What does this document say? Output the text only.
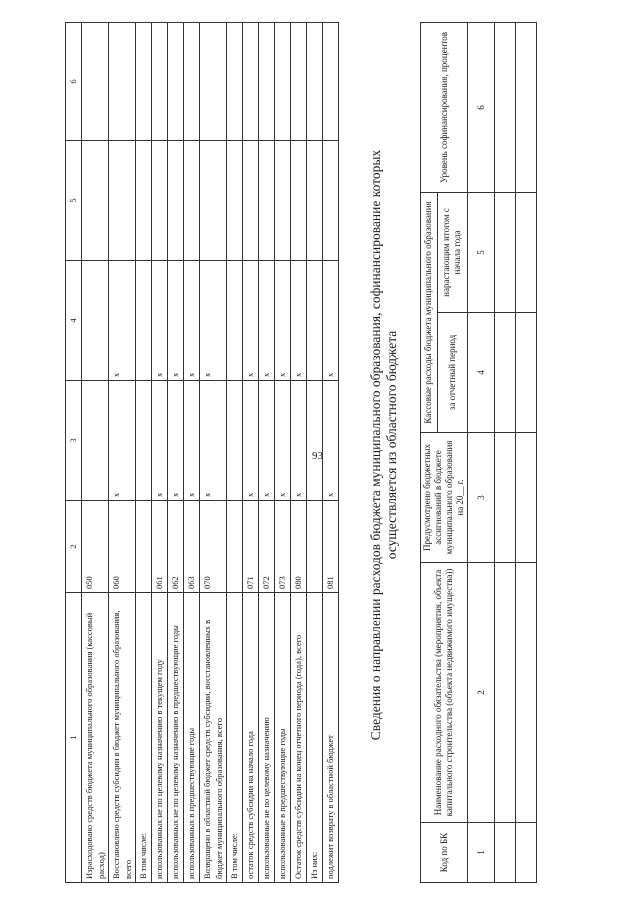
93
1	2	3	4	5	6
Израсходовано средств бюджета муниципального образования (кассовый расход)	050				
Восстановлено средств субсидии в бюджет муниципального образования, всего	060	x	x		
В том числе:					
использованных не по целевому назначению в текущем году	061	x	x		
использованных не по целевому назначению в предшествующие годы	062	x	x		
использованных в предшествующие годы	063	x	x		
Возвращено в областной бюджет средств субсидии, восстановленных в бюджет муниципального образования, всего	070	x	x		
В том числе:					
остаток средств субсидии на начало года	071	x	x		
использованные не по целевому назначению	072	x	x		
использованные в предшествующие годы	073	x	x		
Остаток средств субсидии на конец отчетного периода (года), всего	080	x	x		
Из них:					
подлежит возврату в областной бюджет	081	x	x		Сведения о направлении расходов бюджета муниципального образования, софинансирование которых осуществляется из областного бюджета
Код по БК	Наименование расходного обязательства (мероприятия, объекта капитального строительства (объекта недвижимого имущества))	Предусмотрено бюджетных ассигнований в бюджете муниципального образования на 20__ г.	Кассовые расходы бюджета муниципального образования		Уровень софинансирования, процентов
			за отчетный период	нарастающим итогом с начала года	
1	2	3	4	5	6
